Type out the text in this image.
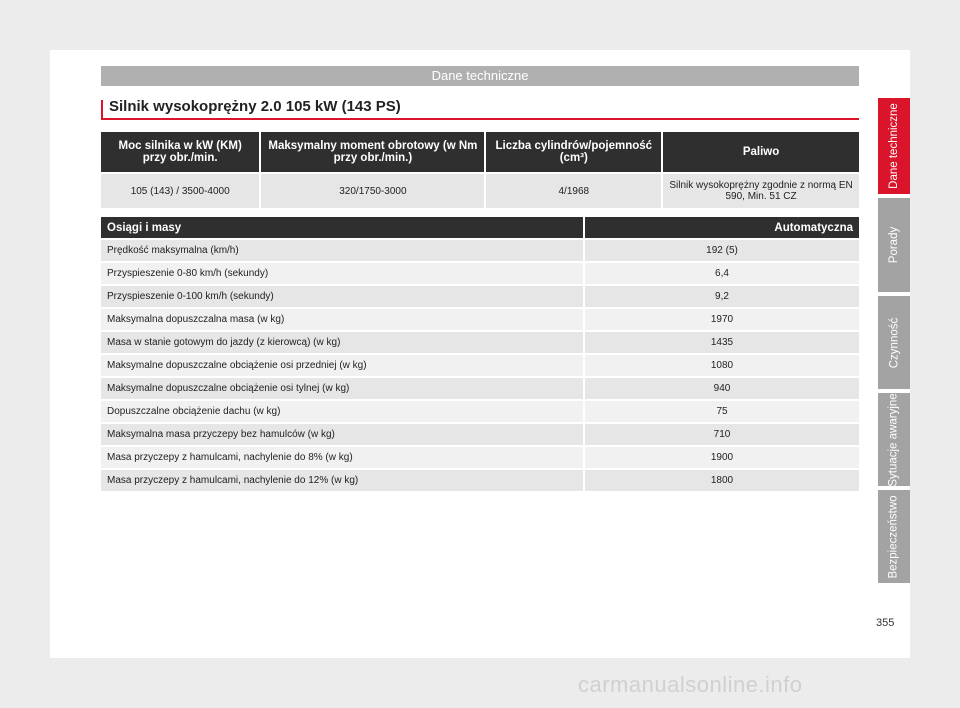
Dane techniczne
Silnik wysokoprężny 2.0 105 kW (143 PS)
Moc silnika w kW (KM) przy obr./min.	Maksymalny moment obrotowy (w Nm przy obr./min.)	Liczba cylindrów/pojemność (cm³)	Paliwo
105 (143) / 3500-4000	320/1750-3000	4/1968	Silnik wysokoprężny zgodnie z normą EN 590, Min. 51 CZ
Osiągi i masy	Automatyczna
Prędkość maksymalna (km/h)	192 (5)
Przyspieszenie 0-80 km/h (sekundy)	6,4
Przyspieszenie 0-100 km/h (sekundy)	9,2
Maksymalna dopuszczalna masa (w kg)	1970
Masa w stanie gotowym do jazdy (z kierowcą) (w kg)	1435
Maksymalne dopuszczalne obciążenie osi przedniej (w kg)	1080
Maksymalne dopuszczalne obciążenie osi tylnej (w kg)	940
Dopuszczalne obciążenie dachu (w kg)	75
Maksymalna masa przyczepy bez hamulców (w kg)	710
Masa przyczepy z hamulcami, nachylenie do 8% (w kg)	1900
Masa przyczepy z hamulcami, nachylenie do 12% (w kg)	1800
Dane techniczne
Porady
Czynność
Sytuacje awaryjne
Bezpieczeństwo
355
carmanualsonline.info
